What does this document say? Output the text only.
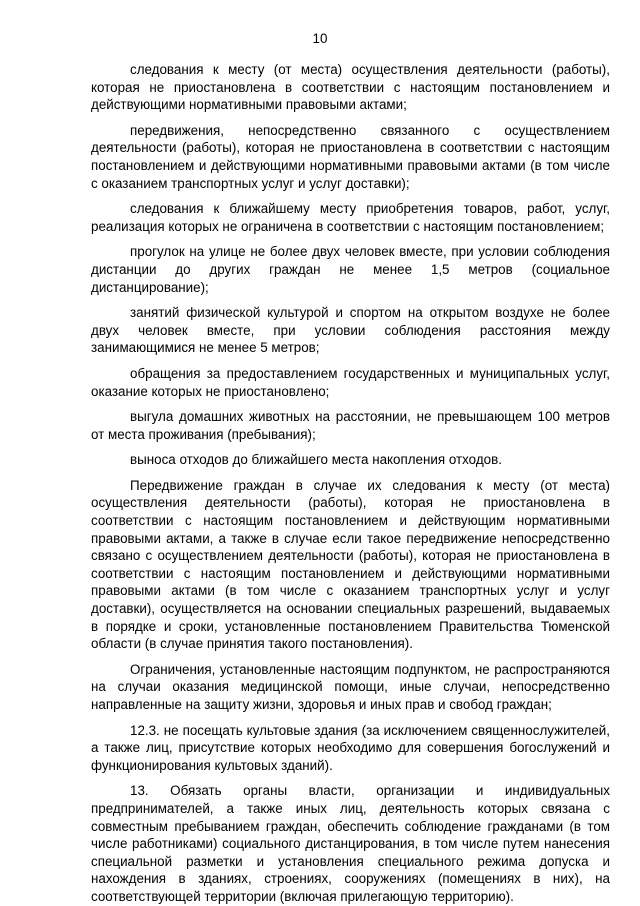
10

следования к месту (от места) осуществления деятельности (работы), которая не приостановлена в соответствии с настоящим постановлением и действующими нормативными правовыми актами;

передвижения, непосредственно связанного с осуществлением деятельности (работы), которая не приостановлена в соответствии с настоящим постановлением и действующими нормативными правовыми актами (в том числе с оказанием транспортных услуг и услуг доставки);

следования к ближайшему месту приобретения товаров, работ, услуг, реализация которых не ограничена в соответствии с настоящим постановлением;

прогулок на улице не более двух человек вместе, при условии соблюдения дистанции до других граждан не менее 1,5 метров (социальное дистанцирование);

занятий физической культурой и спортом на открытом воздухе не более двух человек вместе, при условии соблюдения расстояния между занимающимися не менее 5 метров;

обращения за предоставлением государственных и муниципальных услуг, оказание которых не приостановлено;

выгула домашних животных на расстоянии, не превышающем 100 метров от места проживания (пребывания);

выноса отходов до ближайшего места накопления отходов.

Передвижение граждан в случае их следования к месту (от места) осуществления деятельности (работы), которая не приостановлена в соответствии с настоящим постановлением и действующим нормативными правовыми актами, а также в случае если такое передвижение непосредственно связано с осуществлением деятельности (работы), которая не приостановлена в соответствии с настоящим постановлением и действующими нормативными правовыми актами (в том числе с оказанием транспортных услуг и услуг доставки), осуществляется на основании специальных разрешений, выдаваемых в порядке и сроки, установленные постановлением Правительства Тюменской области (в случае принятия такого постановления).

Ограничения, установленные настоящим подпунктом, не распространяются на случаи оказания медицинской помощи, иные случаи, непосредственно направленные на защиту жизни, здоровья и иных прав и свобод граждан;

12.3. не посещать культовые здания (за исключением священнослужителей, а также лиц, присутствие которых необходимо для совершения богослужений и функционирования культовых зданий).

13. Обязать органы власти, организации и индивидуальных предпринимателей, а также иных лиц, деятельность которых связана с совместным пребыванием граждан, обеспечить соблюдение гражданами (в том числе работниками) социального дистанцирования, в том числе путем нанесения специальной разметки и установления специального режима допуска и нахождения в зданиях, строениях, сооружениях (помещениях в них), на соответствующей территории (включая прилегающую территорию).
